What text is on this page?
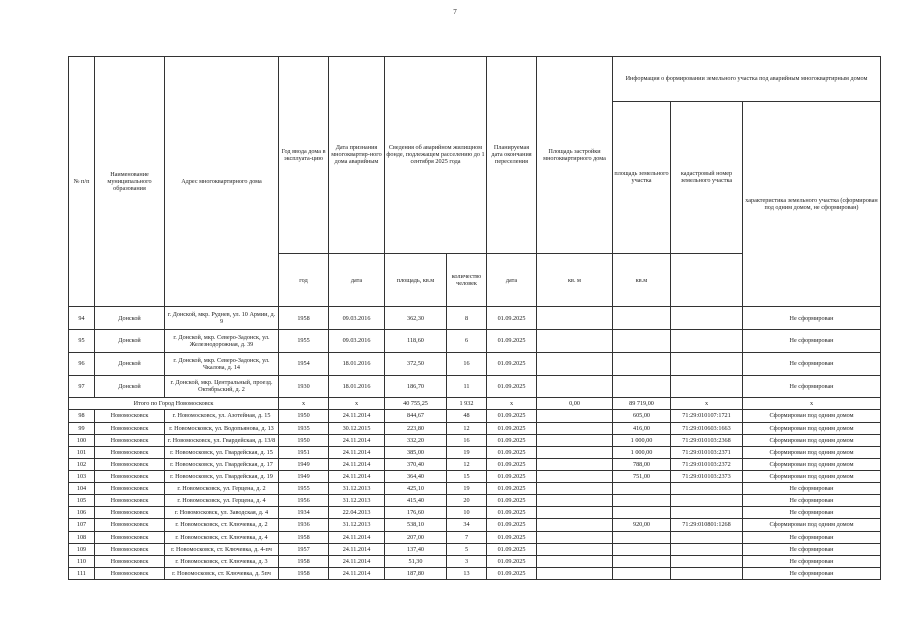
7
№ п/п	Наименование муниципального образования	Адрес многоквартирного дома	Год ввода дома в эксплуата-цию	Дата признания многоквартир-ного дома аварийным	Сведения об аварийном жилищном фонде, подлежащем расселению до 1 сентября 2025 года		Планируемая дата окончания переселения	Площадь застройки многоквартирного дома	Информация о формировании земельного участка под аварийным многоквартирным домом		
									площадь земельного участка	кадастровый номер земельного участка	характеристика земельного участка (сформирован под одним домом, не сформирован)
			год	дата	площадь, кв.м	количество человек	дата	кв. м	кв.м		
94	Донской	г. Донской, мкр. Руднев, ул. 10 Армии, д. 9	1958	09.03.2016	362,30	8	01.09.2025				Не сформирован
95	Донской	г. Донской, мкр. Северо-Задонск, ул. Железнодорожная, д. 39	1955	09.03.2016	118,60	6	01.09.2025				Не сформирован
96	Донской	г. Донской, мкр. Северо-Задонск, ул. Чкалова, д. 14	1954	18.01.2016	372,50	16	01.09.2025				Не сформирован
97	Донской	г. Донской, мкр. Центральный, проезд. Октябрьский, д. 2	1930	18.01.2016	186,70	11	01.09.2025				Не сформирован
Итого по Город Новомосковск			x	x	40 755,25	1 932	x	0,00	89 719,00	x	x
98	Новомосковск	г. Новомосковск, ул. Азотейная, д. 15	1950	24.11.2014	844,67	48	01.09.2025		605,00	71:29:010107:1721	Сформирован под одним домом
99	Новомосковск	г. Новомосковск, ул. Водопьянова, д. 13	1935	30.12.2015	223,80	12	01.09.2025		416,00	71:29:010603:1663	Сформирован под одним домом
100	Новомосковск	г. Новомосковск, ул. Гвардейская, д. 13/8	1950	24.11.2014	332,20	16	01.09.2025		1 000,00	71:29:010103:2368	Сформирован под одним домом
101	Новомосковск	г. Новомосковск, ул. Гвардейская, д. 15	1951	24.11.2014	385,00	19	01.09.2025		1 000,00	71:29:010103:2371	Сформирован под одним домом
102	Новомосковск	г. Новомосковск, ул. Гвардейская, д. 17	1949	24.11.2014	370,40	12	01.09.2025		788,00	71:29:010103:2372	Сформирован под одним домом
103	Новомосковск	г. Новомосковск, ул. Гвардейская, д. 19	1949	24.11.2014	364,40	15	01.09.2025		751,00	71:29:010103:2373	Сформирован под одним домом
104	Новомосковск	г. Новомосковск, ул. Герцена, д. 2	1955	31.12.2013	425,10	19	01.09.2025				Не сформирован
105	Новомосковск	г. Новомосковск, ул. Герцена, д. 4	1956	31.12.2013	415,40	20	01.09.2025				Не сформирован
106	Новомосковск	г. Новомосковск, ул. Заводская, д. 4	1934	22.04.2013	176,60	10	01.09.2025				Не сформирован
107	Новомосковск	г. Новомосковск, ст. Ключевка, д. 2	1936	31.12.2013	538,10	34	01.09.2025		920,00	71:29:010801:1268	Сформирован под одним домом
108	Новомосковск	г. Новомосковск, ст. Ключевка, д. 4	1958	24.11.2014	207,00	7	01.09.2025				Не сформирован
109	Новомосковск	г. Новомосковск, ст. Ключевка, д. 4-пч	1957	24.11.2014	137,40	5	01.09.2025				Не сформирован
110	Новомосковск	г. Новомосковск, ст. Ключевка, д. 3	1958	24.11.2014	51,30	3	01.09.2025				Не сформирован
111	Новомосковск	г. Новомосковск, ст. Ключевка, д. 5пч	1958	24.11.2014	187,80	13	01.09.2025				Не сформирован
